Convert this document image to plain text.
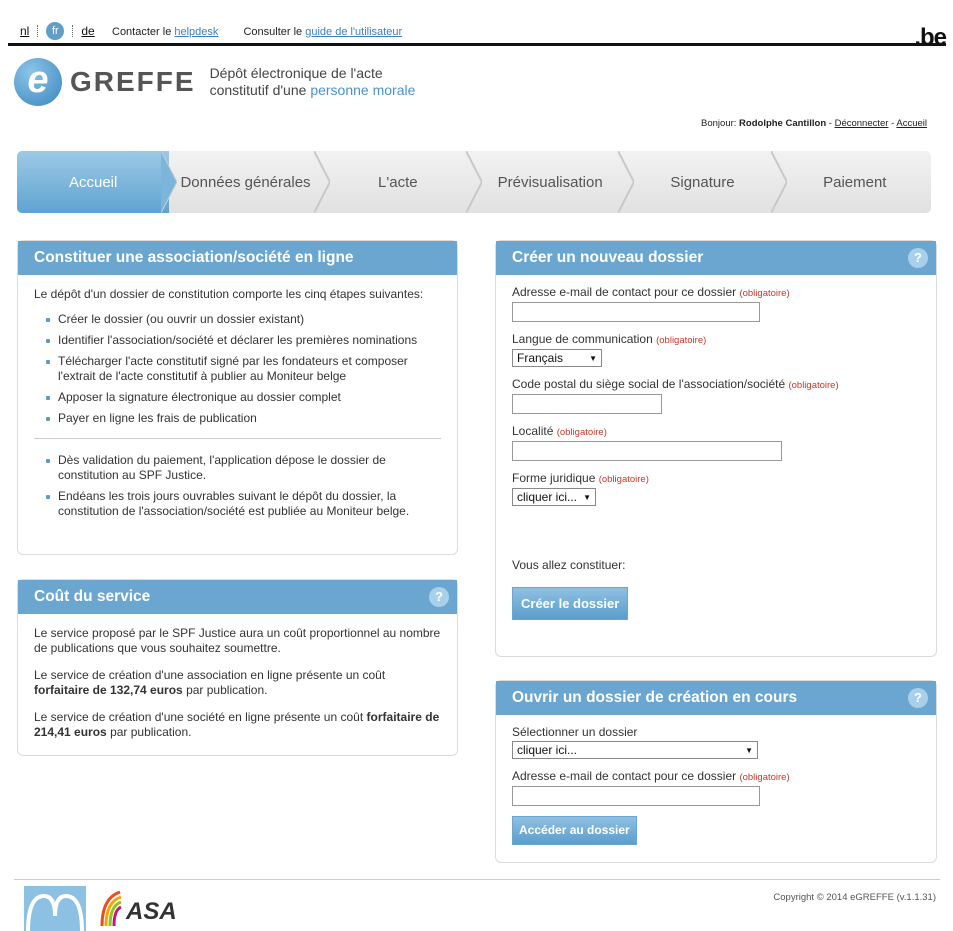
nl	fr	de Contacter le helpdesk Consulter le guide de l'utilisateur	.be
e GREFFE Dépôt électronique de l'acte
constitutif d'une personne morale
Bonjour: Rodolphe Cantillon - Déconnecter - Accueil
Accueil	Données générales	L'acte	Prévisualisation	Signature	Paiement
Constituer une association/société en ligne
Le dépôt d'un dossier de constitution comporte les cinq étapes suivantes:
Créer le dossier (ou ouvrir un dossier existant)
Identifier l'association/société et déclarer les premières nominations
Télécharger l'acte constitutif signé par les fondateurs et composer l'extrait de l'acte constitutif à publier au Moniteur belge
Apposer la signature électronique au dossier complet
Payer en ligne les frais de publication
Dès validation du paiement, l'application dépose le dossier de constitution au SPF Justice.
Endéans les trois jours ouvrables suivant le dépôt du dossier, la constitution de l'association/société est publiée au Moniteur belge.
Coût du service	?

Le service proposé par le SPF Justice aura un coût proportionnel au nombre de publications que vous souhaitez soumettre.

Le service de création d'une association en ligne présente un coût forfaitaire de 132,74 euros par publication.

Le service de création d'une société en ligne présente un coût forfaitaire de 214,41 euros par publication.

Créer un nouveau dossier	?
Adresse e-mail de contact pour ce dossier (obligatoire)
Langue de communication (obligatoire)
Français	▼
Code postal du siège social de l'association/société (obligatoire)
Localité (obligatoire)
Forme juridique (obligatoire)
cliquer ici... ▼
Vous allez constituer:
Créer le dossier
Ouvrir un dossier de création en cours	?
Sélectionner un dossier
cliquer ici...	▼
Adresse e-mail de contact pour ce dossier (obligatoire)
Accéder au dossier
ASA
Copyright © 2014 eGREFFE (v.1.1.31)
